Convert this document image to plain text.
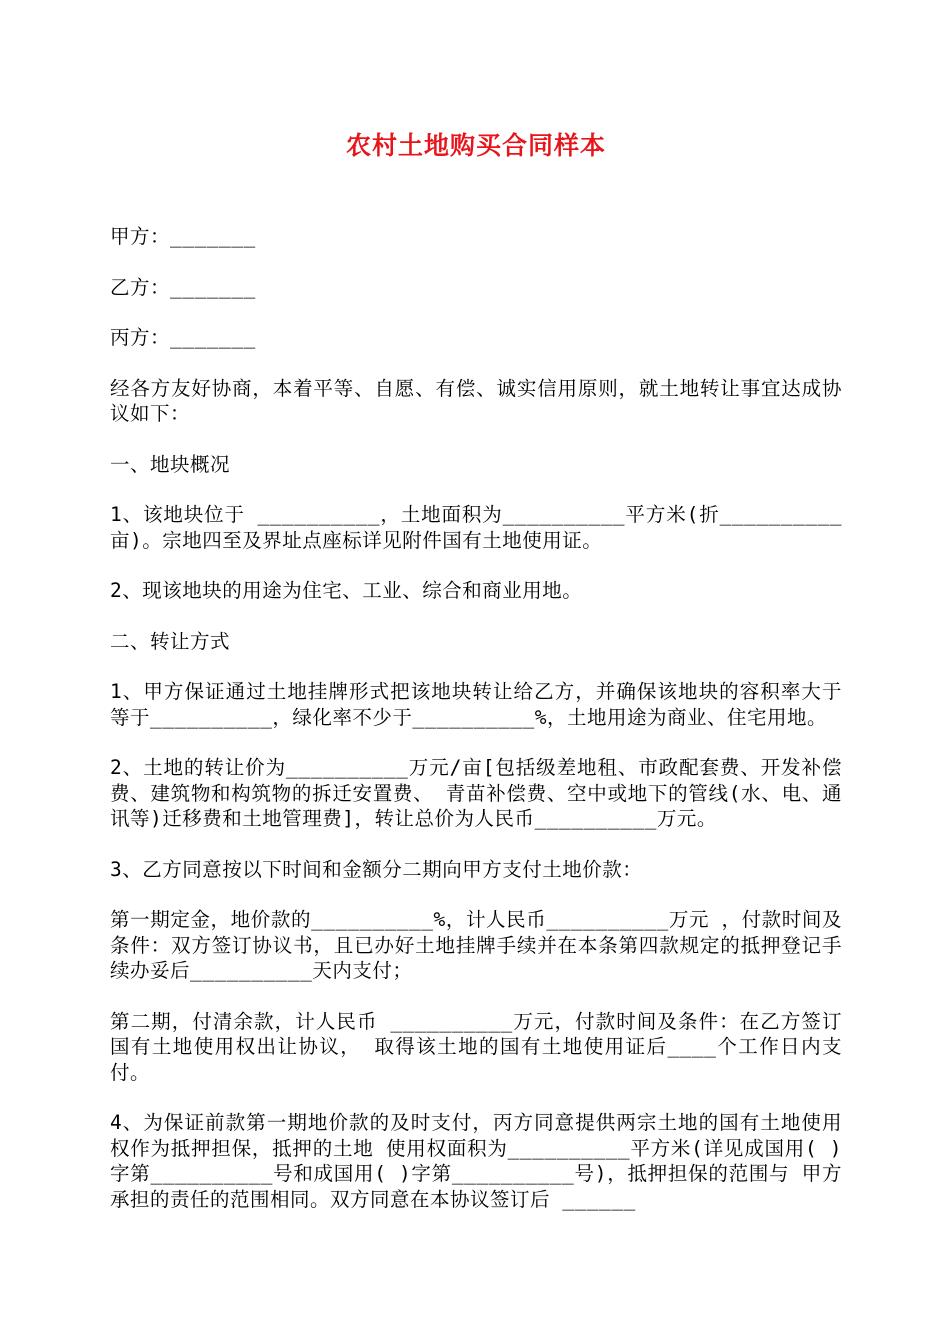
农村土地购买合同样本

甲方：_______

乙方：_______

丙方：_______

经各方友好协商，本着平等、自愿、有偿、诚实信用原则，就土地转让事宜达成协议如下：

一、地块概况

1、该地块位于 __________，土地面积为__________平方米(折__________亩)。宗地四至及界址点座标详见附件国有土地使用证。

2、现该地块的用途为住宅、工业、综合和商业用地。

二、转让方式

1、甲方保证通过土地挂牌形式把该地块转让给乙方，并确保该地块的容积率大于等于__________，绿化率不少于__________%，土地用途为商业、住宅用地。

2、土地的转让价为__________万元/亩[包括级差地租、市政配套费、开发补偿费、建筑物和构筑物的拆迁安置费、 青苗补偿费、空中或地下的管线(水、电、通讯等)迁移费和土地管理费]，转让总价为人民币__________万元。

3、乙方同意按以下时间和金额分二期向甲方支付土地价款：

第一期定金，地价款的__________%，计人民币__________万元 ，付款时间及条件：双方签订协议书，且已办好土地挂牌手续并在本条第四款规定的抵押登记手续办妥后__________天内支付；

第二期，付清余款，计人民币 __________万元，付款时间及条件：在乙方签订国有土地使用权出让协议， 取得该土地的国有土地使用证后____个工作日内支付。

4、为保证前款第一期地价款的及时支付，丙方同意提供两宗土地的国有土地使用权作为抵押担保，抵押的土地 使用权面积为__________平方米(详见成国用( )字第__________号和成国用( )字第__________号)，抵押担保的范围与 甲方承担的责任的范围相同。双方同意在本协议签订后 ______
